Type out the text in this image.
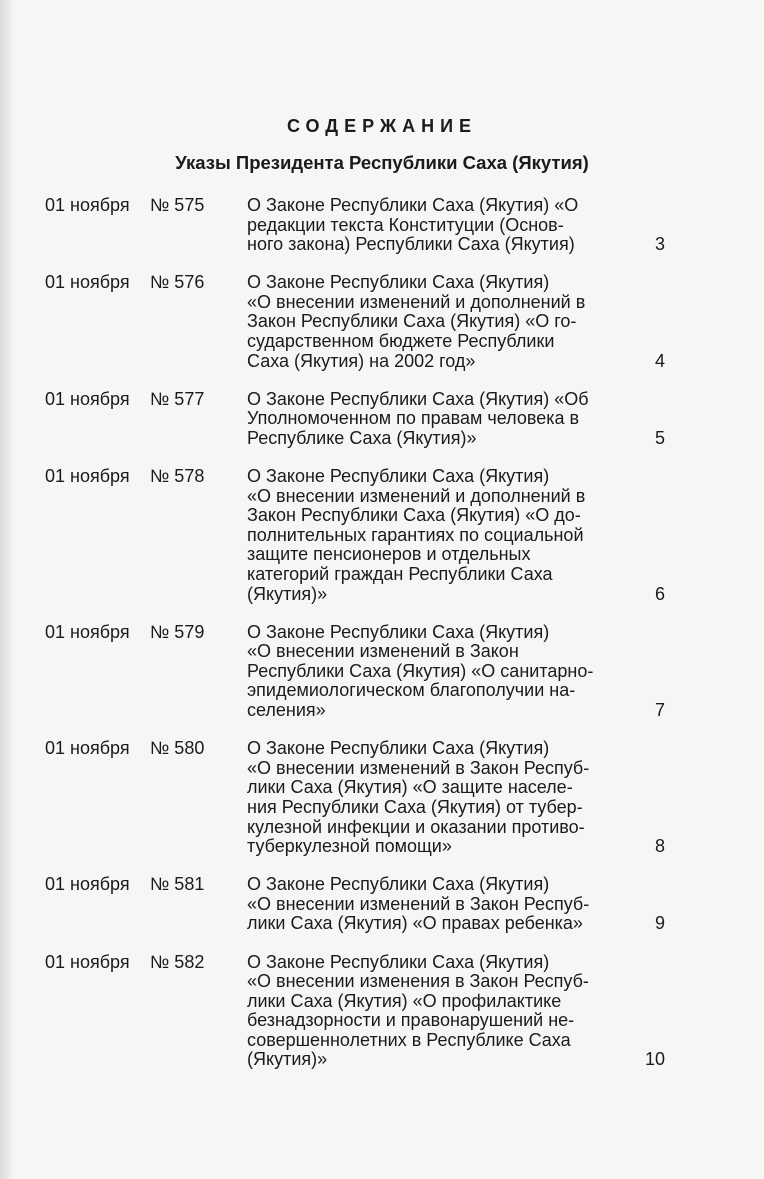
СОДЕРЖАНИЕ
Указы Президента Республики Саха (Якутия)
01 ноября	№ 575	О Законе Республики Саха (Якутия) «О
редакции текста Конституции (Основ-
ного закона) Республики Саха (Якутия)	3
01 ноября	№ 576	О Законе Республики Саха (Якутия)
«О внесении изменений и дополнений в
Закон Республики Саха (Якутия) «О го-
сударственном бюджете Республики
Саха (Якутия) на 2002 год»	4
01 ноября	№ 577	О Законе Республики Саха (Якутия) «Об
Уполномоченном по правам человека в
Республике Саха (Якутия)»	5
01 ноября	№ 578	О Законе Республики Саха (Якутия)
«О внесении изменений и дополнений в
Закон Республики Саха (Якутия) «О до-
полнительных гарантиях по социальной
защите пенсионеров и отдельных
категорий граждан Республики Саха
(Якутия)»	6
01 ноября	№ 579	О Законе Республики Саха (Якутия)
«О внесении изменений в Закон
Республики Саха (Якутия) «О санитарно-
эпидемиологическом благополучии на-
селения»	7
01 ноября	№ 580	О Законе Республики Саха (Якутия)
«О внесении изменений в Закон Респуб-
лики Саха (Якутия) «О защите населе-
ния Республики Саха (Якутия) от тубер-
кулезной инфекции и оказании противо-
туберкулезной помощи»	8
01 ноября	№ 581	О Законе Республики Саха (Якутия)
«О внесении изменений в Закон Респуб-
лики Саха (Якутия) «О правах ребенка»	9
01 ноября	№ 582	О Законе Республики Саха (Якутия)
«О внесении изменения в Закон Респуб-
лики Саха (Якутия) «О профилактике
безнадзорности и правонарушений не-
совершеннолетних в Республике Саха
(Якутия)»	10
